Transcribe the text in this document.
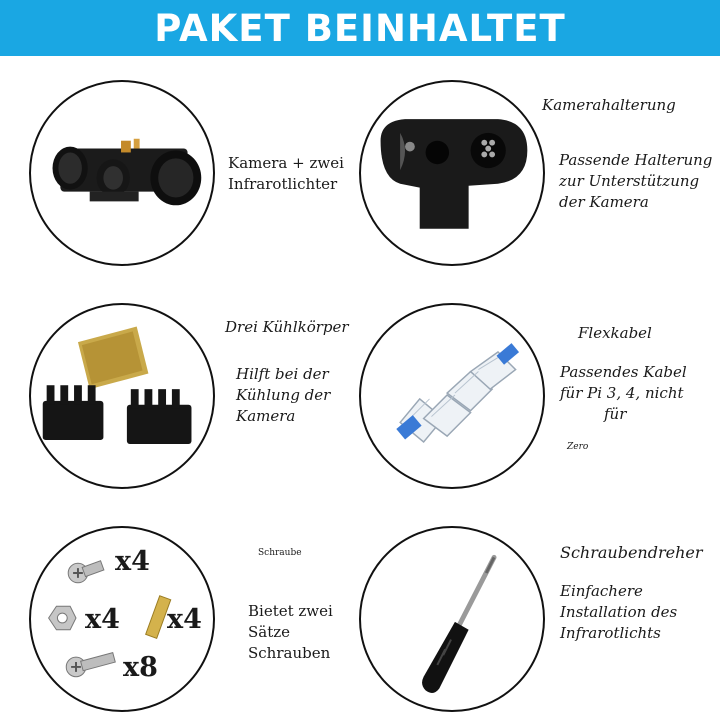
PAKET BEINHALTET
Kamera + zwei
Infrarotlichter
Kamerahalterung
Passende Halterung
zur Unterstützung
der Kamera
Drei Kühlkörper
Hilft bei der
Kühlung der
Kamera
Flexkabel
Passendes Kabel
für Pi 3, 4, nicht
für
Zero
x4
x4 x4
x8
Schraube
Bietet zwei
Sätze
Schrauben
Schraubendreher
Einfachere
Installation des
Infrarotlichts
